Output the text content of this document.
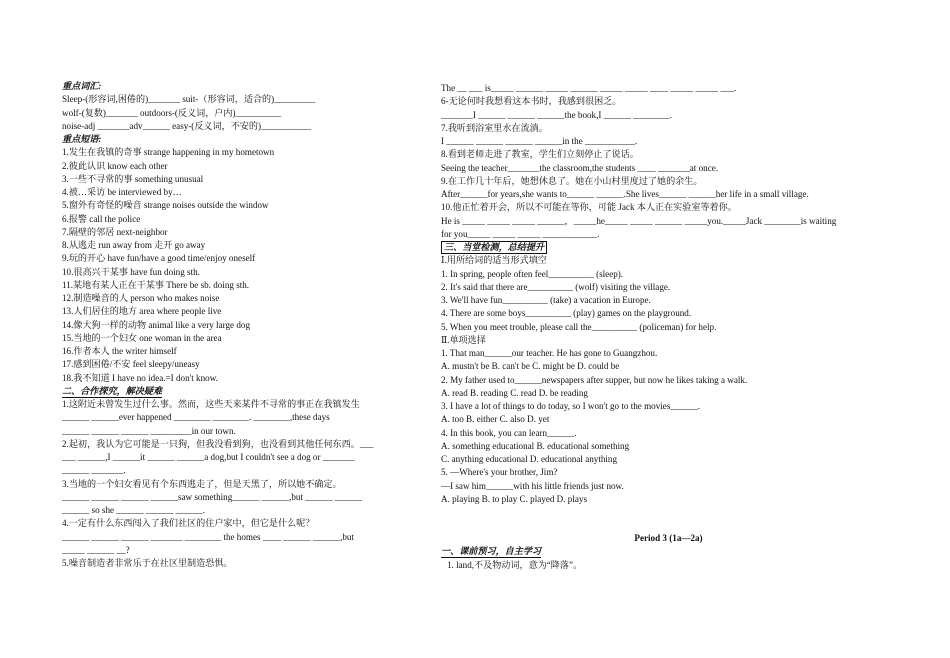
重点词汇:
Sleep-(形容词,困倦的)_______ suit-（形容词，适合的)_________
wolf-(复数)_______ outdoors-(反义词，户内)__________
noise-adj _______adv______ easy-(反义词，不安的)___________
重点短语:
1.发生在我镇的奇事 strange happening in my hometown
2.彼此认识 know each other
3.一些不寻常的事 something unusual
4.被…采访 be interviewed by…
5.窗外有奇怪的噪音 strange noises outside the window
6.报警 call the police
7.隔壁的邻居 next-neighbor
8.从逃走 run away from 走开 go away
9.玩的开心 have fun/have a good time/enjoy oneself
10.很高兴干某事 have fun doing sth.
11.某地有某人正在干某事 There be sb. doing sth.
12.制造噪音的人 person who makes noise
13.人们居住的地方 area where people live
14.像大狗一样的动物 animal like a very large dog
15.当地的一个妇女 one woman in the area
16.作者本人 the writer himself
17.感到困倦/不安 feel sleepy/uneasy
18.我不知道 I have no idea.=I don't know.
二、合作探究，解决疑难
1.这附近未曾发生过什么事。然而，这些天来某件不寻常的事正在我镇发生
______ ______ever happened ________ ________. ________,these days
______ ______ ______ _________in our town.
2.起初，我认为它可能是一只狗，但我没看到狗，也没看到其他任何东西。___
___ ______,I ______it ______ ______a dog,but I couldn't see a dog or _______
______ _______.
3.当地的一个妇女看见有个东西逃走了，但是天黑了，所以她不确定。
______ ______ ______ ______saw something______ ______,but ______ ______
______ so she ______ ______ ______.
4.一定有什么东西闯入了我们社区的住户家中，但它是什么呢？
______ ______ ______ _______ ________ the homes ____ ______ ______,but
_____ ______ __?
5.噪音制造者非常乐于在社区里制造恐惧。
The __ ___ is_____ ______ _____ ______ _____ _____ ____ _____ _____ ___.
6-无论何时我想看这本书时，我感到很困乏。
_______I ______ ______ ______the book,I ______ ________.
7.我听到浴室里水在流淌。
I ______ ______ ______ ______in the ___________.
8.看到老师走进了教室，学生们立刻停止了说话。
Seeing the teacher_______the classroom,the students ____ _______at once.
9.在工作几十年后，她想休息了。她在小山村里度过了她的余生。
After______for years,she wants to______ ______.She lives______ ______her life in a small village.
10.他正忙着开会，所以不可能在等你，可能 Jack 本人正在实验室等着你。
He is _____ _____ _____ ______，_____he_____ _____ ______ _____you._____Jack ________is waiting
for you_____ _____ _____ ____________.
三、当堂检测，总结提升
Ⅰ.用所给词的适当形式填空
1. In spring, people often feel__________ (sleep).
2. It's said that there are__________ (wolf) visiting the village.
3. We'll have fun__________ (take) a vacation in Europe.
4. There are some boys__________ (play) games on the playground.
5. When you meet trouble, please call the__________ (policeman) for help.
Ⅱ.单项选择
1. That man______our teacher. He has gone to Guangzhou.
A. mustn't be B. can't be C. might be D. could be
2. My father used to______newspapers after supper, but now he likes taking a walk.
A. read B. reading C. read D. be reading
3. I have a lot of things to do today, so I won't go to the movies______.
A. too B. either C. also D. yet
4. In this book, you can learn______.
A. something educational B. educational something
C. anything educational D. educational anything
5. —Where's your brother, Jim?
—I saw him______with his little friends just now.
A. playing B. to play C. played D. plays
Period 3 (1a—2a)
一、课前预习，自主学习
1. land,不及物动词，意为“降落”。
